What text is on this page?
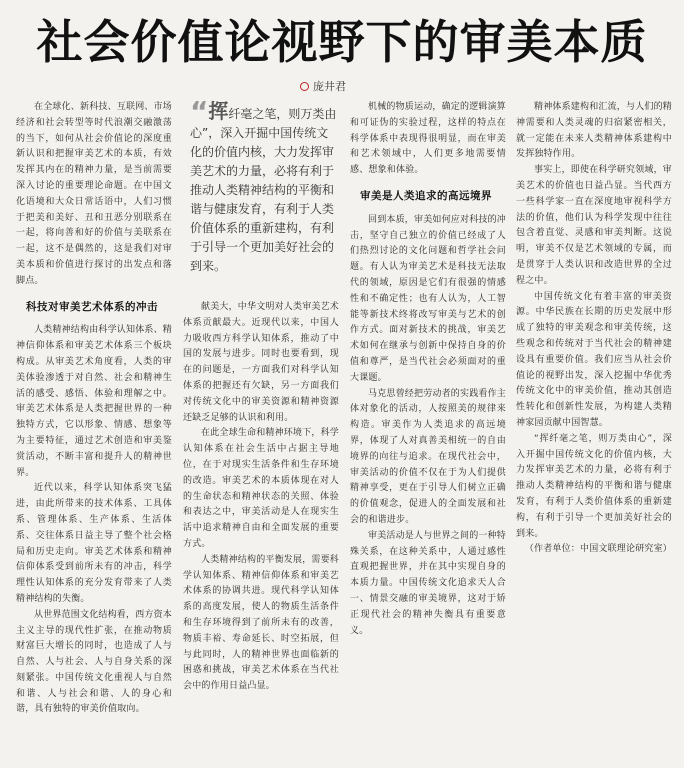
社会价值论视野下的审美本质
庞井君

在全球化、新科技、互联网、市场经济和社会转型等时代浪潮交融激荡的当下，如何从社会价值论的深度重新认识和把握审美艺术的本质，有效发挥其内在的精神力量，是当前需要深入讨论的重要理论命题。在中国文化语境和大众日常话语中，人们习惯于把美和美好、丑和丑恶分别联系在一起，将向善和好的价值与美联系在一起，这不是偶然的，这是我们对审美本质和价值进行探讨的出发点和落脚点。

科技对审美艺术体系的冲击

人类精神结构由科学认知体系、精神信仰体系和审美艺术体系三个板块构成。从审美艺术角度看，人类的审美体验渗透于对自然、社会和精神生活的感受、感悟、体验和理解之中。审美艺术体系是人类把握世界的一种独特方式，它以形象、情感、想象等为主要特征，通过艺术创造和审美鉴赏活动，不断丰富和提升人的精神世界。

近代以来，科学认知体系突飞猛进，由此所带来的技术体系、工具体系、管理体系、生产体系、生活体系、交往体系日益主导了整个社会格局和历史走向。审美艺术体系和精神信仰体系受到前所未有的冲击，科学理性认知体系的充分发育带来了人类精神结构的失衡。

从世界范围文化结构看，西方资本主义主导的现代性扩张，在推动物质财富巨大增长的同时，也造成了人与自然、人与社会、人与自身关系的深刻紧张。中国传统文化重视人与自然和谐、人与社会和谐、人的身心和谐，具有独特的审美价值取向。

“挥纤毫之笔，则万类由心”，深入开掘中国传统文化的价值内核，大力发挥审美艺术的力量，必将有利于推动人类精神结构的平衡和谐与健康发育，有利于人类价值体系的重新建构，有利于引导一个更加美好社会的到来。

献美大，中华文明对人类审美艺术体系贡献最大。近现代以来，中国人力吸收西方科学认知体系，推动了中国的发展与进步。同时也要看到，现在的问题是，一方面我们对科学认知体系的把握还有欠缺，另一方面我们对传统文化中的审美资源和精神资源还缺乏足够的认识和利用。

在此全球生命和精神环境下，科学认知体系在社会生活中占据主导地位，在于对现实生活条件和生存环境的改造。审美艺术的本质体现在对人的生命状态和精神状态的关照、体验和表达之中，审美活动是人在现实生活中追求精神自由和全面发展的重要方式。

人类精神结构的平衡发展，需要科学认知体系、精神信仰体系和审美艺术体系的协调共进。现代科学认知体系的高度发展，使人的物质生活条件和生存环境得到了前所未有的改善，物质丰裕、寿命延长、时空拓展，但与此同时，人的精神世界也面临新的困惑和挑战，审美艺术体系在当代社会中的作用日益凸显。

机械的物质运动，确定的逻辑演算和可证伪的实验过程，这样的特点在科学体系中表现得很明显，而在审美和艺术领域中，人们更多地需要情感、想象和体验。

审美是人类追求的高远境界

回到本质，审美如何应对科技的冲击，坚守自己独立的价值已经成了人们热烈讨论的文化问题和哲学社会问题。有人认为审美艺术是科技无法取代的领域，原因是它们有很强的情感性和不确定性；也有人认为，人工智能等新技术终将改写审美与艺术的创作方式。面对新技术的挑战，审美艺术如何在继承与创新中保持自身的价值和尊严，是当代社会必须面对的重大课题。

马克思曾经把劳动者的实践看作主体对象化的活动，人按照美的规律来构造。审美作为人类追求的高远境界，体现了人对真善美相统一的自由境界的向往与追求。在现代社会中，审美活动的价值不仅在于为人们提供精神享受，更在于引导人们树立正确的价值观念，促进人的全面发展和社会的和谐进步。

审美活动是人与世界之间的一种特殊关系，在这种关系中，人通过感性直观把握世界，并在其中实现自身的本质力量。中国传统文化追求天人合一、情景交融的审美境界，这对于矫正现代社会的精神失衡具有重要意义。

精神体系建构和汇流，与人们的精神需要和人类灵魂的归宿紧密相关，就一定能在未来人类精神体系建构中发挥独特作用。

事实上，即使在科学研究领域，审美艺术的价值也日益凸显。当代西方一些科学家一直在深度地审视科学方法的价值，他们认为科学发现中往往包含着直觉、灵感和审美判断。这说明，审美不仅是艺术领域的专属，而是贯穿于人类认识和改造世界的全过程之中。

中国传统文化有着丰富的审美资源。中华民族在长期的历史发展中形成了独特的审美观念和审美传统，这些观念和传统对于当代社会的精神建设具有重要价值。我们应当从社会价值论的视野出发，深入挖掘中华优秀传统文化中的审美价值，推动其创造性转化和创新性发展，为构建人类精神家园贡献中国智慧。

“挥纤毫之笔，则万类由心”，深入开掘中国传统文化的价值内核，大力发挥审美艺术的力量，必将有利于推动人类精神结构的平衡和谐与健康发育，有利于人类价值体系的重新建构，有利于引导一个更加美好社会的到来。

（作者单位：中国文联理论研究室）
